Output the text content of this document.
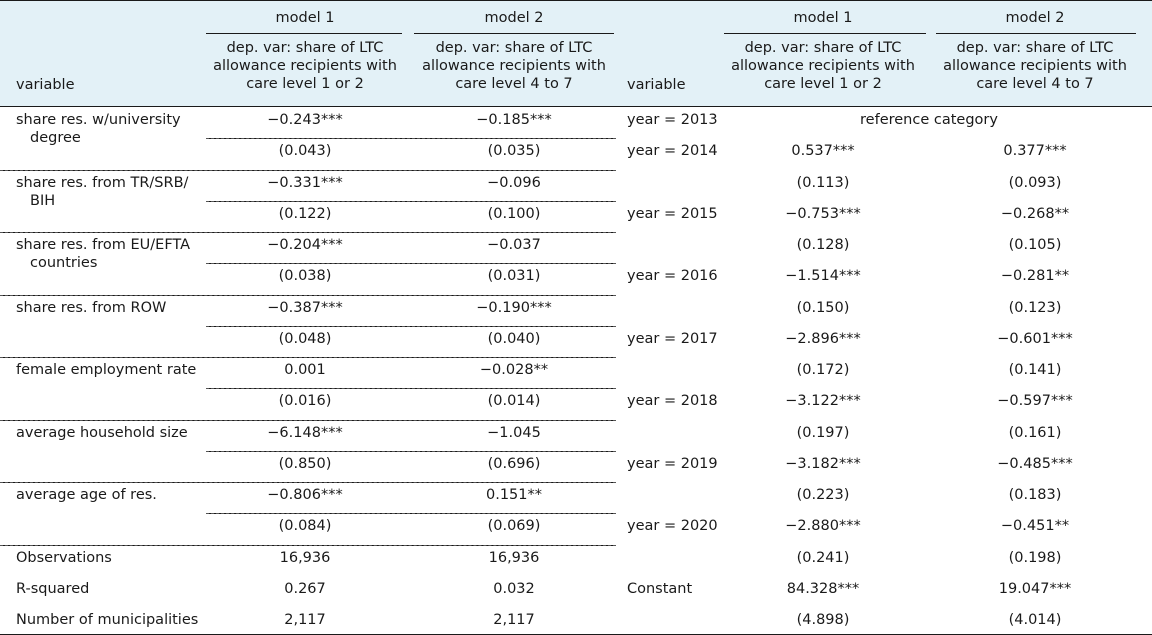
model 1	model 2	model 1	model 2
dep. var: share of LTC
allowance recipients with
care level 1 or 2
dep. var: share of LTC
allowance recipients with
care level 4 to 7
dep. var: share of LTC
allowance recipients with
care level 1 or 2
dep. var: share of LTC
allowance recipients with
care level 4 to 7
variable	variable
year = 2013	reference category
share res. w/university
degree
−0.243***	−0.185***
(0.043)	(0.035)
share res. from TR/SRB/
BIH
−0.331***	−0.096
(0.122)	(0.100)
share res. from EU/EFTA
countries
−0.204***	−0.037
(0.038)	(0.031)
share res. from ROW	−0.387***	−0.190***
(0.048)	(0.040)
female employment rate	0.001	−0.028**
(0.016)	(0.014)
average household size	−6.148***	−1.045
(0.850)	(0.696)
average age of res.	−0.806***	0.151**
(0.084)	(0.069)
Observations	16,936	16,936
R-squared	0.267	0.032
Number of municipalities	2,117	2,117
year = 2014	0.537***	0.377***
(0.113)	(0.093)
year = 2015	−0.753***	−0.268**
(0.128)	(0.105)
year = 2016	−1.514***	−0.281**
(0.150)	(0.123)
year = 2017	−2.896***	−0.601***
(0.172)	(0.141)
year = 2018	−3.122***	−0.597***
(0.197)	(0.161)
year = 2019	−3.182***	−0.485***
(0.223)	(0.183)
year = 2020	−2.880***	−0.451**
(0.241)	(0.198)
Constant	84.328***	19.047***
(4.898)	(4.014)
